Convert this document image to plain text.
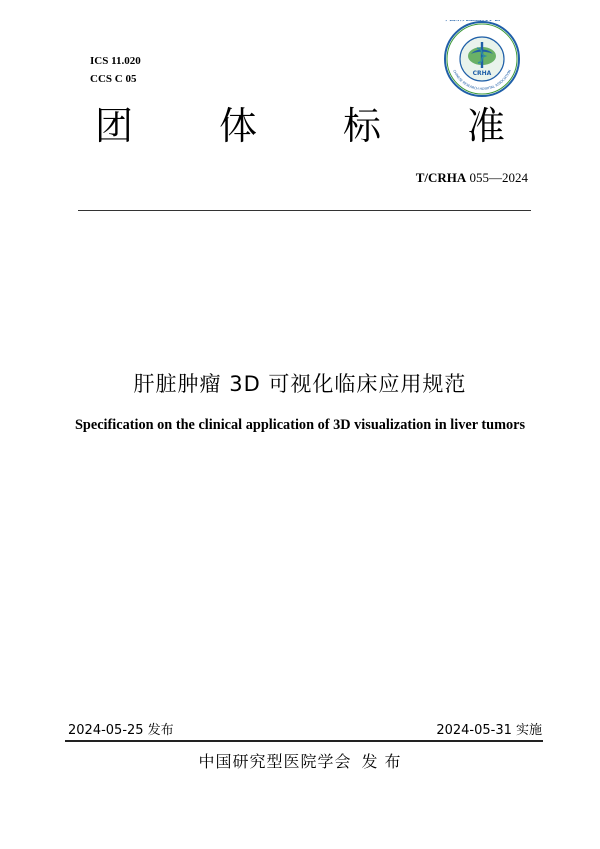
ICS 11.020
CCS C 05
CHINESE RESEARCH HOSPITAL ASSOCIATION
CRHA
团 体 标 准
T/CRHA 055—2024
肝脏肿瘤 3D 可视化临床应用规范
Specification on the clinical application of 3D visualization in liver tumors
2024-05-25 发布	2024-05-31 实施
中国研究型医院学会 发 布
